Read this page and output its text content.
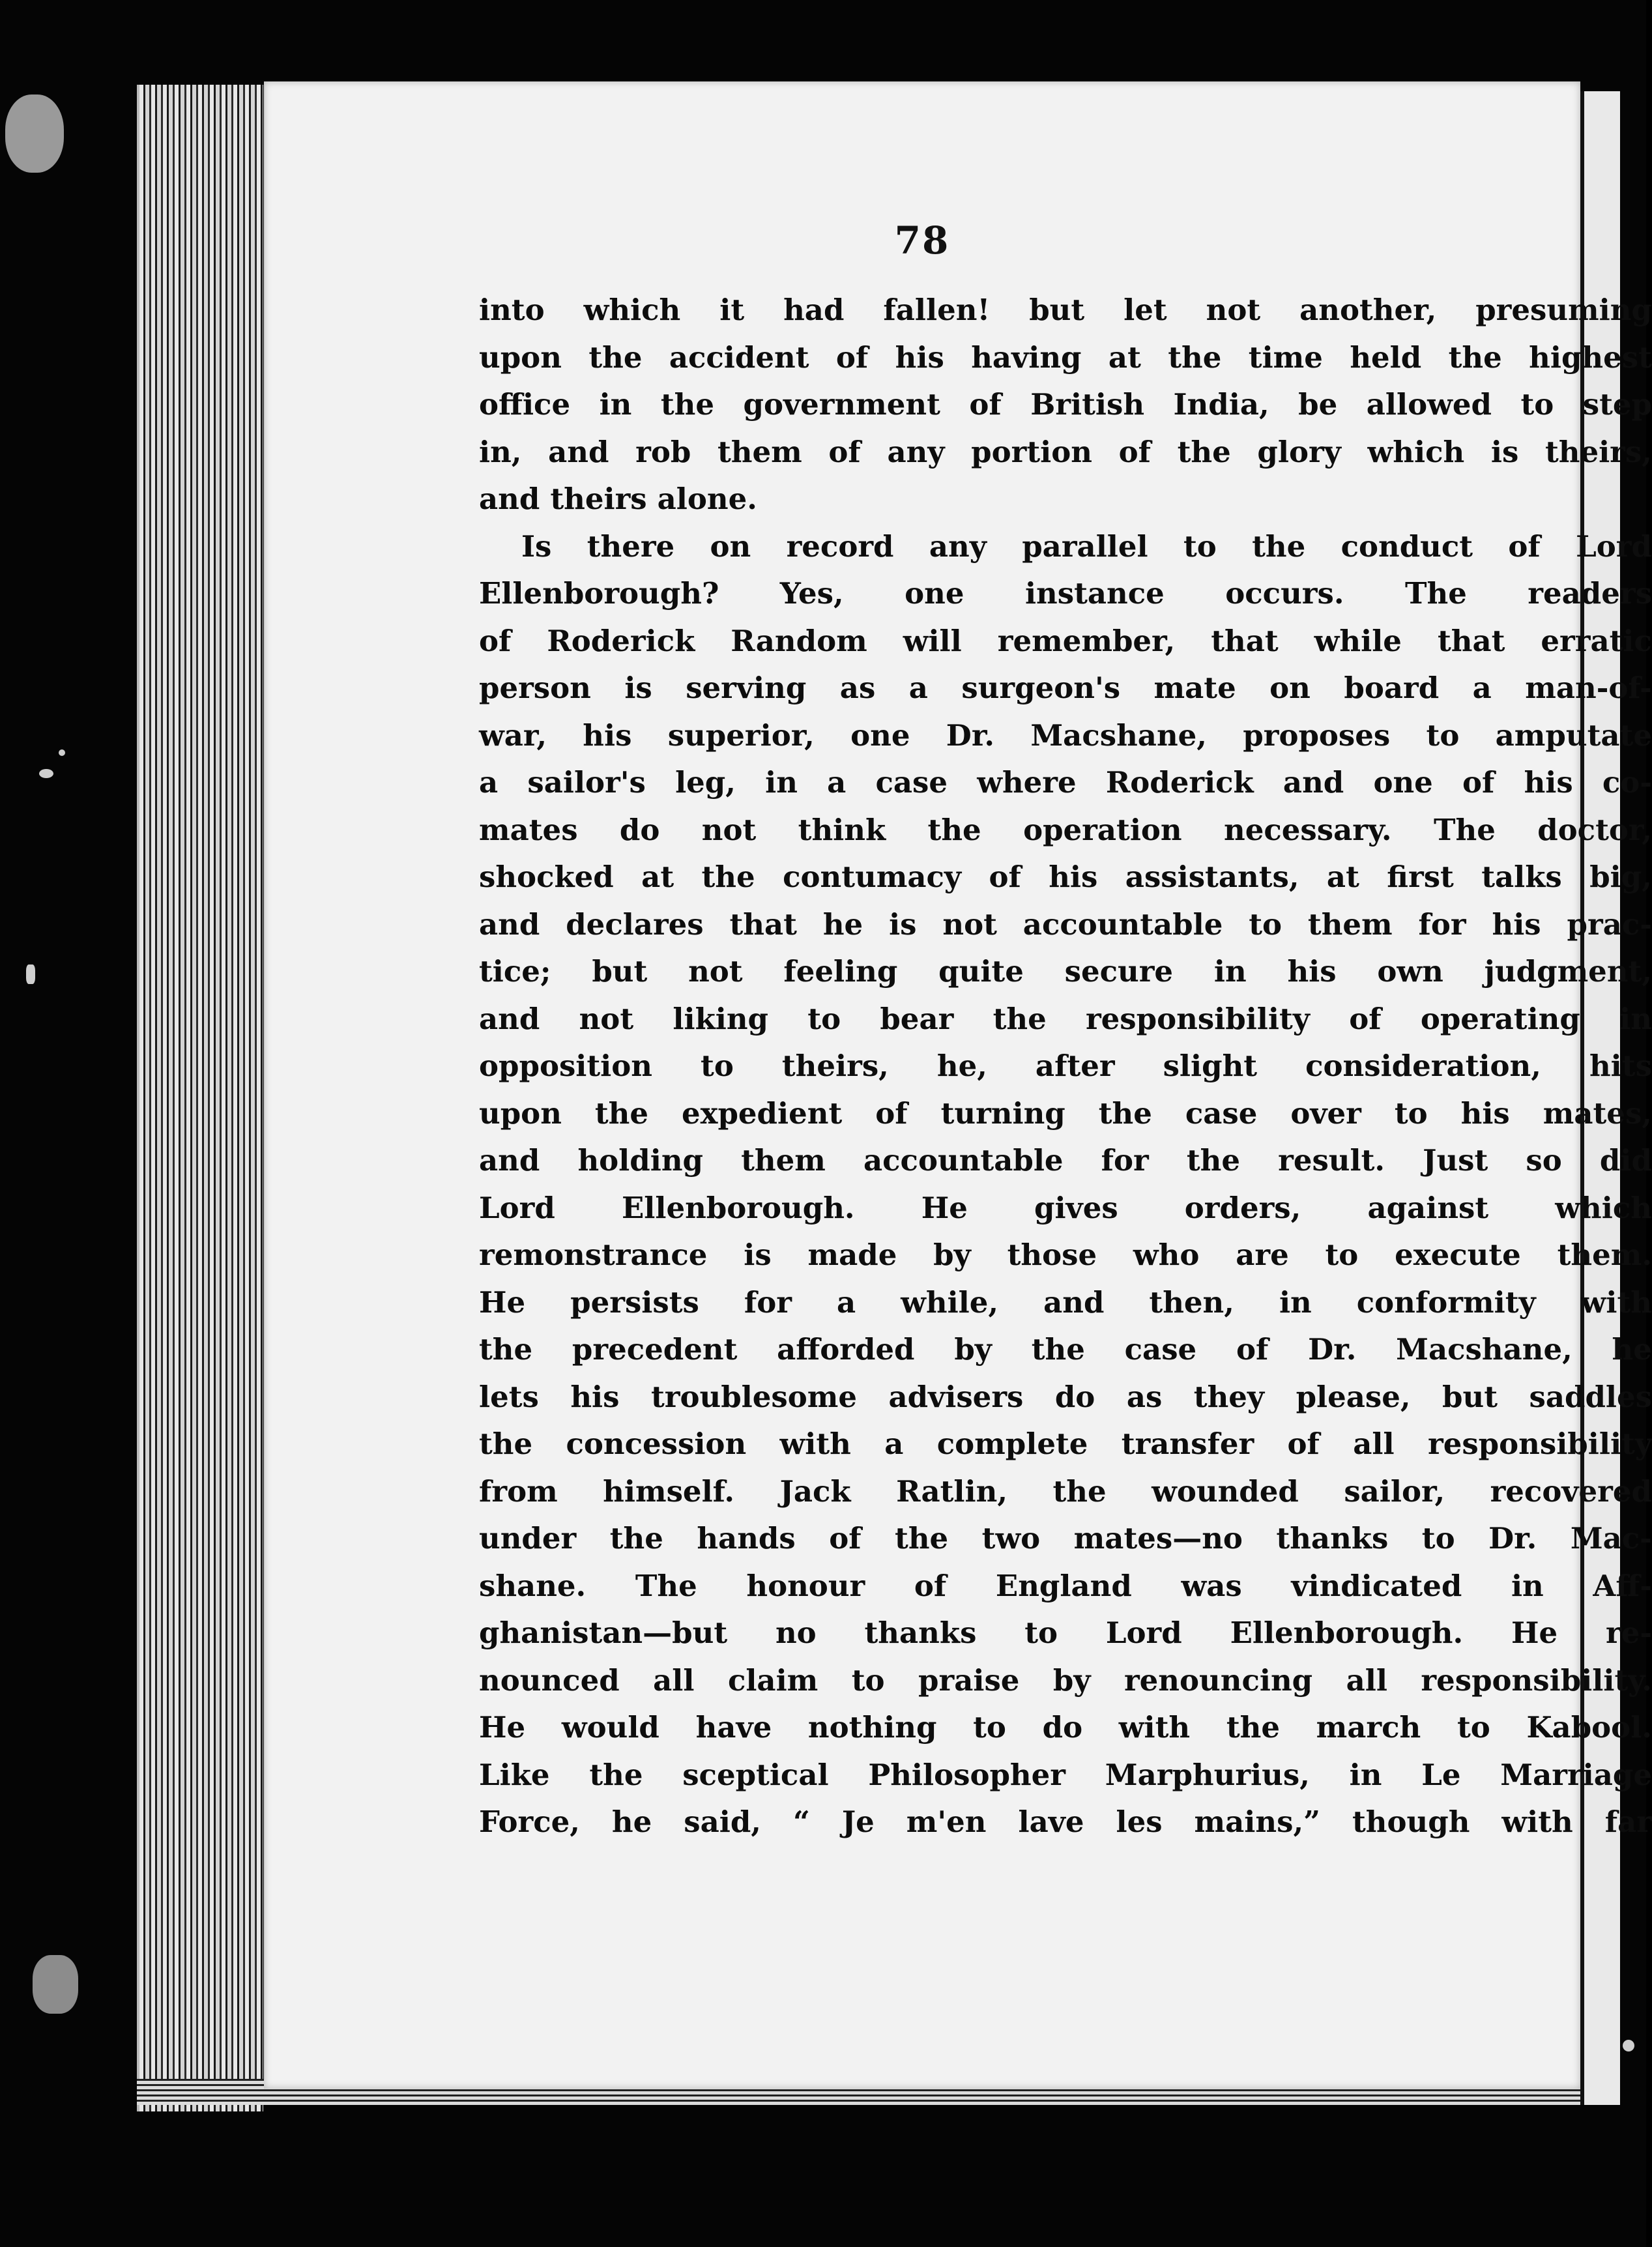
78
into which it had fallen! but let not another, presuming
upon the accident of his having at the time held the highest
office in the government of British India, be allowed to step
in, and rob them of any portion of the glory which is theirs,
and theirs alone.
Is there on record any parallel to the conduct of Lord
Ellenborough? Yes, one instance occurs. The readers
of Roderick Random will remember, that while that erratic
person is serving as a surgeon's mate on board a man-of-
war, his superior, one Dr. Macshane, proposes to amputate
a sailor's leg, in a case where Roderick and one of his co-
mates do not think the operation necessary. The doctor,
shocked at the contumacy of his assistants, at first talks big,
and declares that he is not accountable to them for his prac-
tice; but not feeling quite secure in his own judgment,
and not liking to bear the responsibility of operating in
opposition to theirs, he, after slight consideration, hits
upon the expedient of turning the case over to his mates,
and holding them accountable for the result. Just so did
Lord Ellenborough. He gives orders, against which
remonstrance is made by those who are to execute them.
He persists for a while, and then, in conformity with
the precedent afforded by the case of Dr. Macshane, he
lets his troublesome advisers do as they please, but saddles
the concession with a complete transfer of all responsibility
from himself. Jack Ratlin, the wounded sailor, recovered
under the hands of the two mates—no thanks to Dr. Mac-
shane. The honour of England was vindicated in Aff-
ghanistan—but no thanks to Lord Ellenborough. He re-
nounced all claim to praise by renouncing all responsibility.
He would have nothing to do with the march to Kabool.
Like the sceptical Philosopher Marphurius, in Le Marriage
Force, he said, “ Je m'en lave les mains,” though with far
